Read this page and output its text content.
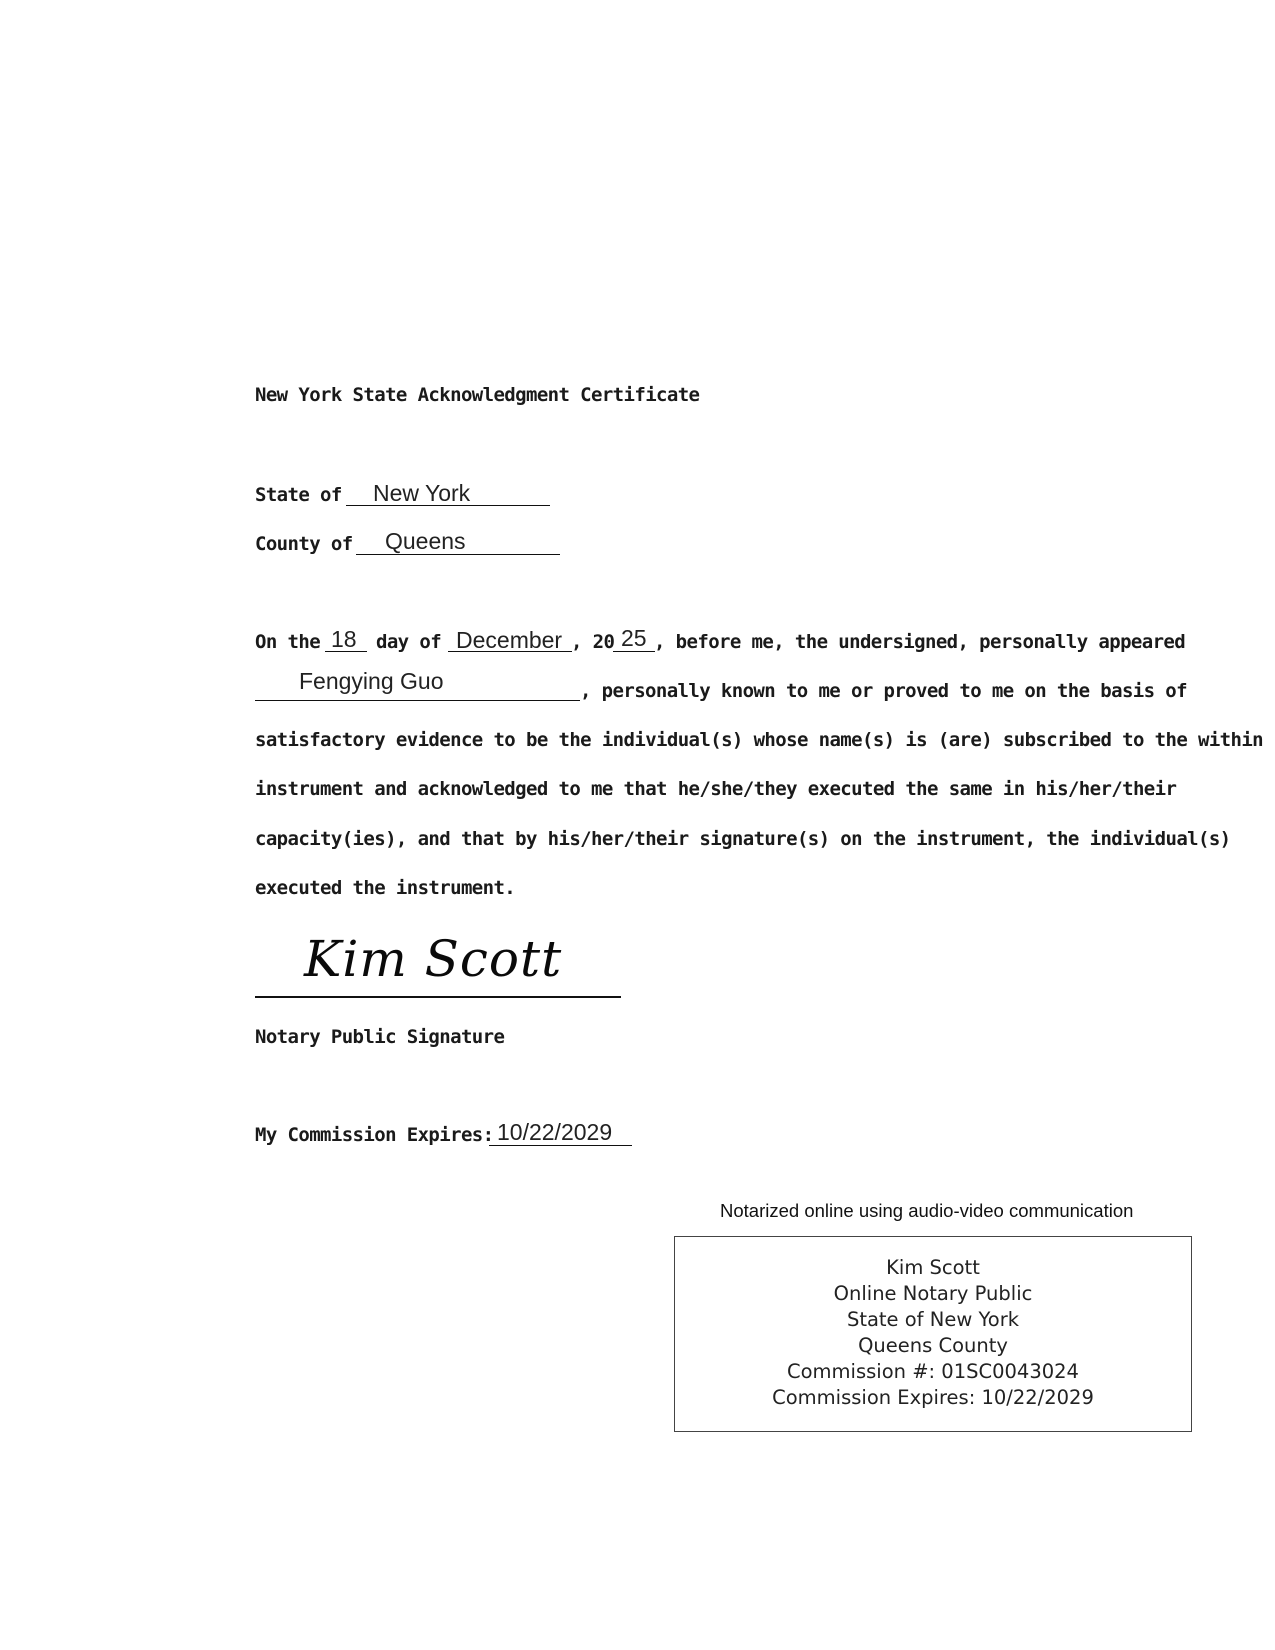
New York State Acknowledgment Certificate
State of New York
County of Queens
On the 18 day of December , 20 25 , before me, the undersigned, personally appeared
Fengying Guo	, personally known to me or proved to me on the basis of
satisfactory evidence to be the individual(s) whose name(s) is (are) subscribed to the within
instrument and acknowledged to me that he/she/they executed the same in his/her/their
capacity(ies), and that by his/her/their signature(s) on the instrument, the individual(s)
executed the instrument.
Kim Scott
Notary Public Signature
My Commission Expires: 10/22/2029
Notarized online using audio-video communication
Kim Scott
Online Notary Public
State of New York
Queens County
Commission #: 01SC0043024
Commission Expires: 10/22/2029
